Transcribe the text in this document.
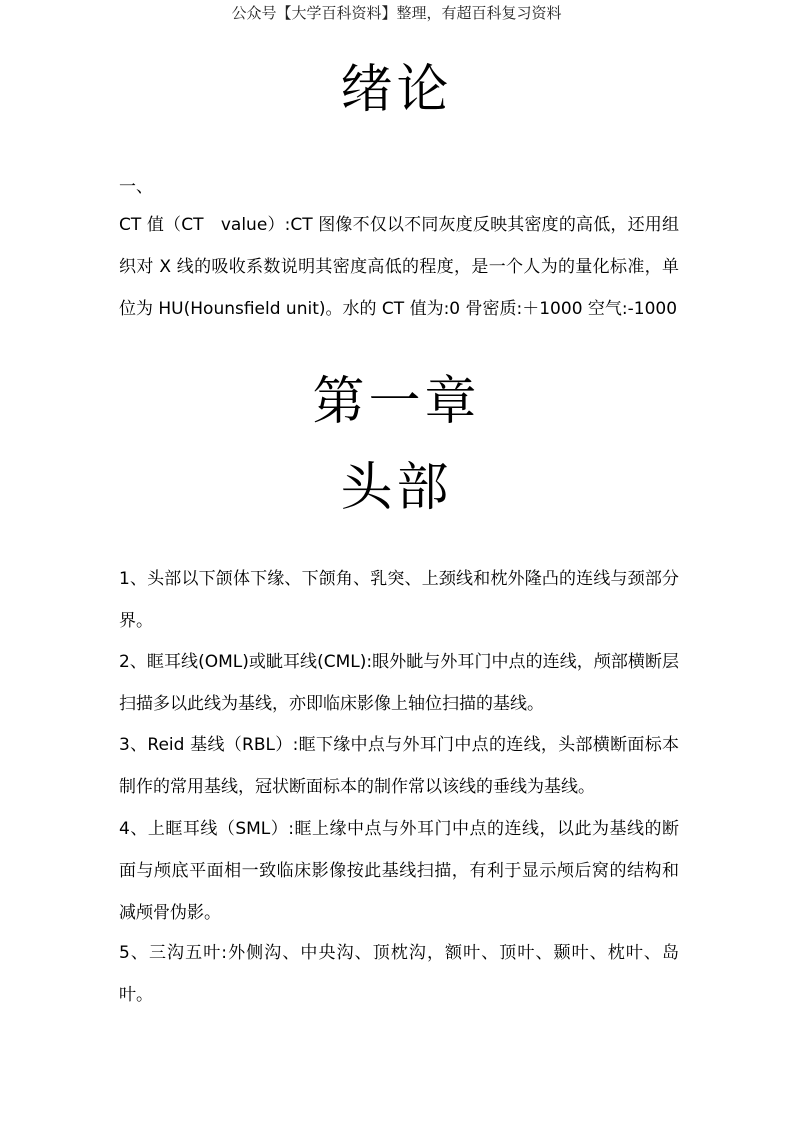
公众号【大学百科资料】整理，有超百科复习资料
绪论

一、

CT 值（CT　value）:CT 图像不仅以不同灰度反映其密度的高低，还用组织对 X 线的吸收系数说明其密度高低的程度，是一个人为的量化标准，单位为 HU(Hounsfield unit)。水的 CT 值为:0 骨密质:＋1000 空气:-1000

第一章
头部

1、头部以下颌体下缘、下颌角、乳突、上颈线和枕外隆凸的连线与颈部分界。

2、眶耳线(OML)或眦耳线(CML):眼外眦与外耳门中点的连线，颅部横断层扫描多以此线为基线，亦即临床影像上轴位扫描的基线。

3、Reid 基线（RBL）:眶下缘中点与外耳门中点的连线，头部横断面标本制作的常用基线，冠状断面标本的制作常以该线的垂线为基线。

4、上眶耳线（SML）:眶上缘中点与外耳门中点的连线，以此为基线的断面与颅底平面相一致临床影像按此基线扫描，有利于显示颅后窝的结构和减颅骨伪影。

5、三沟五叶:外侧沟、中央沟、顶枕沟，额叶、顶叶、颞叶、枕叶、岛叶。
